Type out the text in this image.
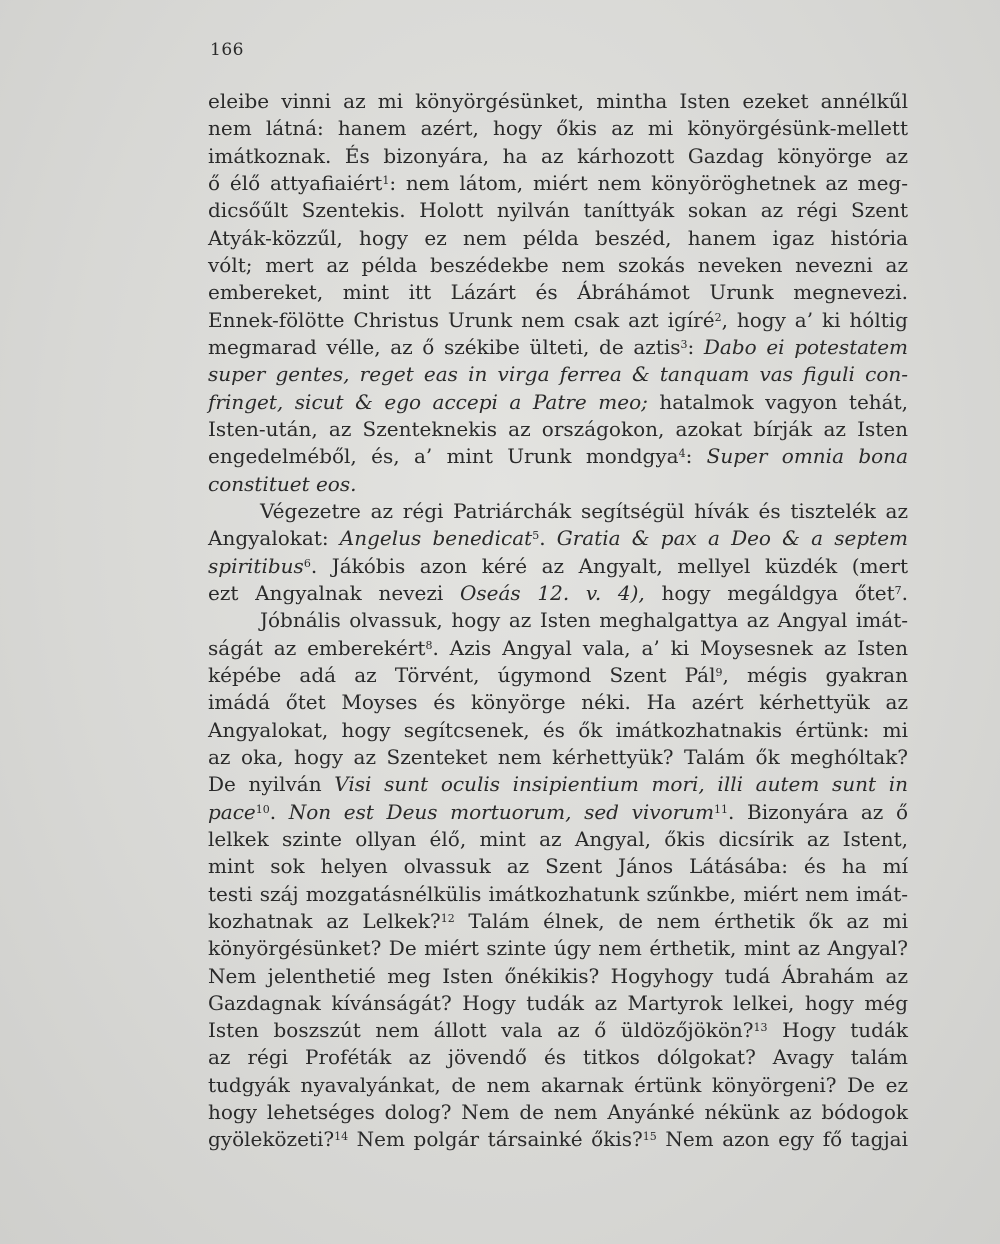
166
eleibe vinni az mi könyörgésünket, mintha Isten ezeket annélkűl
nem látná: hanem azért, hogy őkis az mi könyörgésünk-mellett
imátkoznak. És bizonyára, ha az kárhozott Gazdag könyörge az
ő élő attyafiaiért$^1$: nem látom, miért nem könyöröghetnek az meg-
dicsőűlt Szentekis. Holott nyilván taníttyák sokan az régi Szent
Atyák-közzűl, hogy ez nem példa beszéd, hanem igaz história
vólt; mert az példa beszédekbe nem szokás neveken nevezni az
embereket, mint itt Lázárt és Ábráhámot Urunk megnevezi.
Ennek-fölötte Christus Urunk nem csak azt igíré$^2$, hogy a’ ki hóltig
megmarad vélle, az ő székibe ülteti, de aztis$^3$: Dabo ei potestatem
super gentes, reget eas in virga ferrea & tanquam vas figuli con-
fringet, sicut & ego accepi a Patre meo; hatalmok vagyon tehát,
Isten-után, az Szenteknekis az országokon, azokat bírják az Isten
engedelméből, és, a’ mint Urunk mondgya$^4$: Super omnia bona
constituet eos.
Végezetre az régi Patriárchák segítségül hívák és tisztelék az
Angyalokat: Angelus benedicat$^5$. Gratia & pax a Deo & a septem
spiritibus$^6$. Jákóbis azon kéré az Angyalt, mellyel küzdék (mert
ezt Angyalnak nevezi Oseás 12. v. 4), hogy megáldgya őtet$^7$.
Jóbnális olvassuk, hogy az Isten meghalgattya az Angyal imát-
ságát az emberekért$^8$. Azis Angyal vala, a’ ki Moysesnek az Isten
képébe adá az Törvént, úgymond Szent Pál$^9$, mégis gyakran
imádá őtet Moyses és könyörge néki. Ha azért kérhettyük az
Angyalokat, hogy segítcsenek, és ők imátkozhatnakis értünk: mi
az oka, hogy az Szenteket nem kérhettyük? Talám ők meghóltak?
De nyilván Visi sunt oculis insipientium mori, illi autem sunt in
pace$^{10}$. Non est Deus mortuorum, sed vivorum$^{11}$. Bizonyára az ő
lelkek szinte ollyan élő, mint az Angyal, őkis dicsírik az Istent,
mint sok helyen olvassuk az Szent János Látásába: és ha mí
testi száj mozgatásnélkülis imátkozhatunk szűnkbe, miért nem imát-
kozhatnak az Lelkek?$^{12}$ Talám élnek, de nem érthetik ők az mi
könyörgésünket? De miért szinte úgy nem érthetik, mint az Angyal?
Nem jelenthetié meg Isten őnékikis? Hogyhogy tudá Ábrahám az
Gazdagnak kívánságát? Hogy tudák az Martyrok lelkei, hogy még
Isten boszszút nem állott vala az ő üldözőjökön?$^{13}$ Hogy tudák
az régi Proféták az jövendő és titkos dólgokat? Avagy talám
tudgyák nyavalyánkat, de nem akarnak értünk könyörgeni? De ez
hogy lehetséges dolog? Nem de nem Anyánké nékünk az bódogok
gyöleközeti?$^{14}$ Nem polgár társainké őkis?$^{15}$ Nem azon egy fő tagjai
